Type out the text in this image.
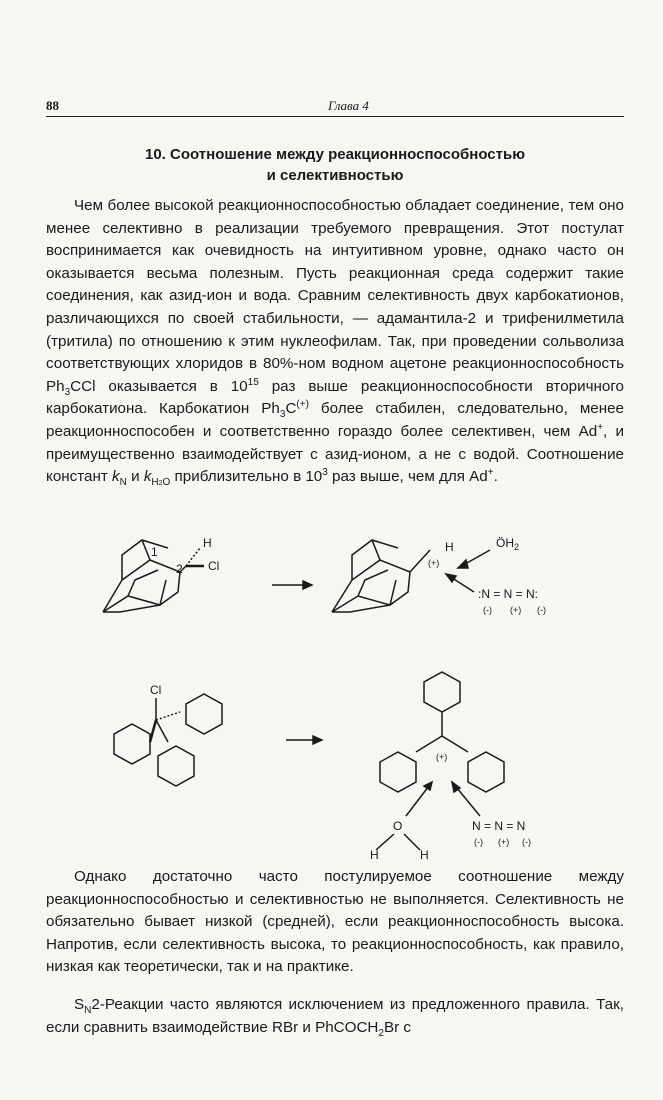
88	Глава 4
10. Соотношение между реакционноспособностью
и селективностью
Чем более высокой реакционноспособностью обладает соединение, тем оно менее селективно в реализации требуемого превращения. Этот постулат воспринимается как очевидность на интуитивном уровне, однако часто он оказывается весьма полезным. Пусть реакционная среда содержит такие соединения, как азид-ион и вода. Сравним селективность двух карбокатионов, различающихся по своей стабильности, — адамантила-2 и трифенилметила (тритила) по отношению к этим нуклеофилам. Так, при проведении сольволиза соответствующих хлоридов в 80%-ном водном ацетоне реакционноспособность $Ph_3CCl$ оказывается в $10^{15}$ раз выше реакционноспособности вторичного карбокатиона. Карбокатион $Ph_3C^{(+)}$ более стабилен, следовательно, менее реакционноспособен и соответственно гораздо более селективен, чем Ad+, и преимущественно взаимодействует с азид-ионом, а не с водой. Соотношение констант $k_N$ и $k_{H2O}$ приблизительно в $10^3$ раз выше, чем для Ad+.
1
2
H
Cl
H
(+)
$ÖH_2$
:N = N = N:
(-) (+) (-)
Cl
(+)
O
H	H
N = N = N
(-) (+) (-)
Однако достаточно часто постулируемое соотношение между реакционноспособностью и селективностью не выполняется. Селективность не обязательно бывает низкой (средней), если реакционноспособность высока. Напротив, если селективность высока, то реакционноспособность, как правило, низкая как теоретически, так и на практике.
$S_N2$-Реакции часто являются исключением из предложенного правила. Так, если сравнить взаимодействие RBr и PhCOCH$_2$Br с
